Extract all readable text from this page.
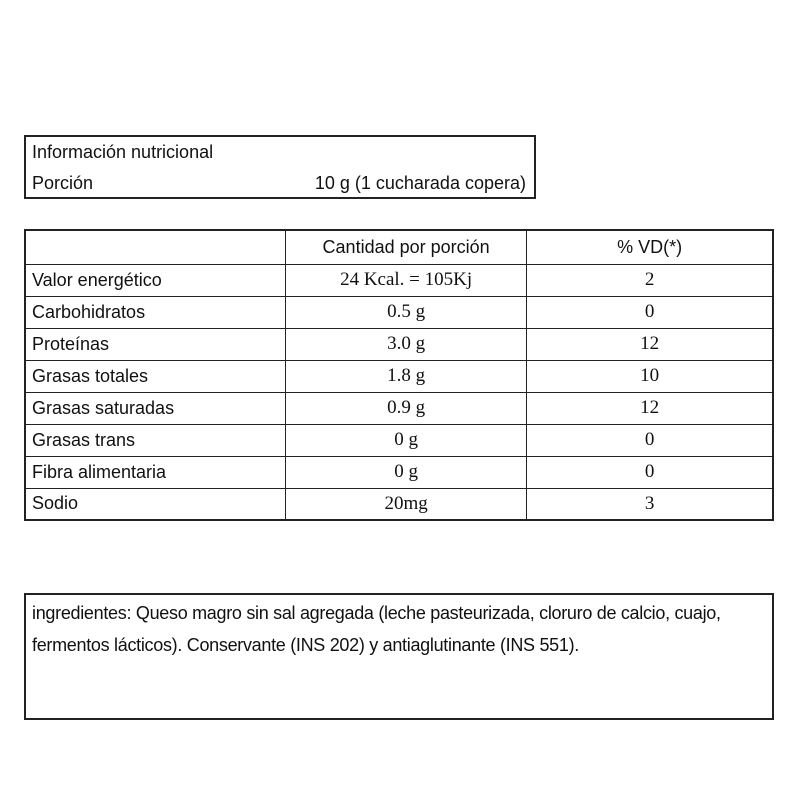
Información nutricional
Porción	10 g (1 cucharada copera)
	Cantidad por porción	% VD(*)
Valor energético	24 Kcal. = 105Kj	2
Carbohidratos	0.5 g	0
Proteínas	3.0 g	12
Grasas totales	1.8 g	10
Grasas saturadas	0.9 g	12
Grasas trans	0 g	0
Fibra alimentaria	0 g	0
Sodio	20mg	3
ingredientes: Queso magro sin sal agregada (leche pasteurizada, cloruro de calcio, cuajo, fermentos lácticos). Conservante (INS 202) y antiaglutinante (INS 551).
